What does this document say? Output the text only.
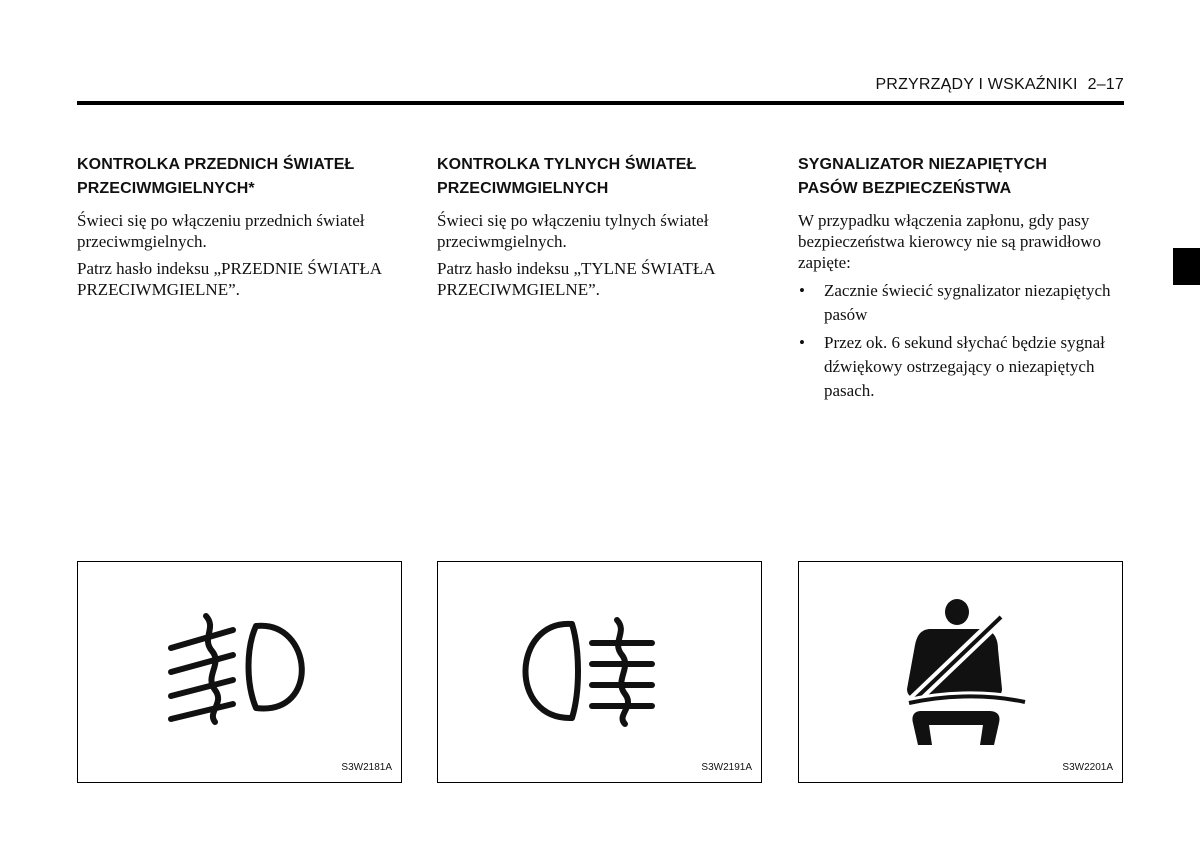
PRZYRZĄDY I WSKAŹNIKI 2–17
KONTROLKA PRZEDNICH ŚWIATEŁ
PRZECIWMGIELNYCH*

Świeci się po włączeniu przednich świateł przeciwmgielnych.

Patrz hasło indeksu „PRZEDNIE ŚWIATŁA PRZECIWMGIELNE”.

KONTROLKA TYLNYCH ŚWIATEŁ
PRZECIWMGIELNYCH

Świeci się po włączeniu tylnych świateł przeciwmgielnych.

Patrz hasło indeksu „TYLNE ŚWIATŁA PRZECIWMGIELNE”.

SYGNALIZATOR NIEZAPIĘTYCH
PASÓW BEZPIECZEŃSTWA

W przypadku włączenia zapłonu, gdy pasy bezpieczeństwa kierowcy nie są prawidłowo zapięte:

• Zacznie świecić sygnalizator niezapiętych pasów
• Przez ok. 6 sekund słychać będzie sygnał dźwiękowy ostrzegający o niezapiętych pasach.
S3W2181A	S3W2191A	S3W2201A
